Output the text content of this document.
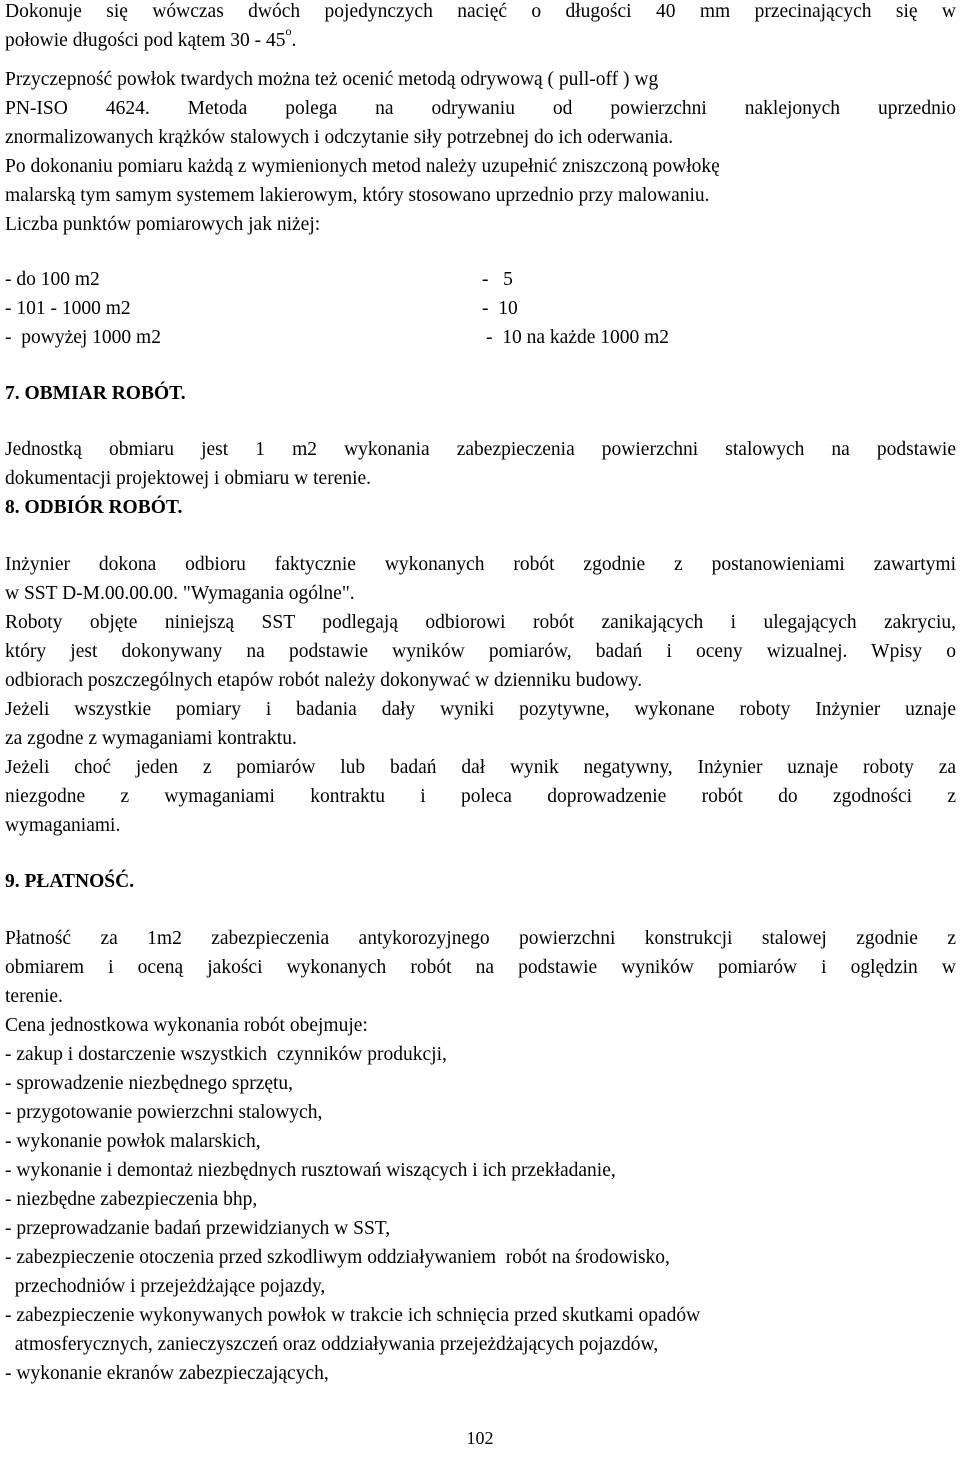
Dokonuje się wówczas dwóch pojedynczych nacięć o długości 40 mm przecinających się w
połowie długości pod kątem 30 - 45$^o$.
Przyczepność powłok twardych można też ocenić metodą odrywową ( pull-off ) wg
PN-ISO 4624. Metoda polega na odrywaniu od powierzchni naklejonych uprzednio
znormalizowanych krążków stalowych i odczytanie siły potrzebnej do ich oderwania.
Po dokonaniu pomiaru każdą z wymienionych metod należy uzupełnić zniszczoną powłokę
malarską tym samym systemem lakierowym, który stosowano uprzednio przy malowaniu.
Liczba punktów pomiarowych jak niżej:
- do 100 m2	-   5
- 101 - 1000 m2	-  10
-  powyżej 1000 m2	-  10 na każde 1000 m2
7. OBMIAR ROBÓT.
Jednostką obmiaru jest 1 m2 wykonania zabezpieczenia powierzchni stalowych na podstawie
dokumentacji projektowej i obmiaru w terenie.
8. ODBIÓR ROBÓT.
Inżynier dokona odbioru faktycznie wykonanych robót zgodnie z postanowieniami zawartymi
w SST D-M.00.00.00. "Wymagania ogólne".
Roboty objęte niniejszą SST podlegają odbiorowi robót zanikających i ulegających zakryciu,
który jest dokonywany na podstawie wyników pomiarów, badań i oceny wizualnej. Wpisy o
odbiorach poszczególnych etapów robót należy dokonywać w dzienniku budowy.
Jeżeli wszystkie pomiary i badania dały wyniki pozytywne, wykonane roboty Inżynier uznaje
za zgodne z wymaganiami kontraktu.
Jeżeli choć jeden z pomiarów lub badań dał wynik negatywny, Inżynier uznaje roboty za
niezgodne z wymaganiami kontraktu i poleca doprowadzenie robót do zgodności z
wymaganiami.
9. PŁATNOŚĆ.
Płatność za 1m2 zabezpieczenia antykorozyjnego powierzchni konstrukcji stalowej zgodnie z
obmiarem i oceną jakości wykonanych robót na podstawie wyników pomiarów i oględzin w
terenie.
Cena jednostkowa wykonania robót obejmuje:
- zakup i dostarczenie wszystkich  czynników produkcji,
- sprowadzenie niezbędnego sprzętu,
- przygotowanie powierzchni stalowych,
- wykonanie powłok malarskich,
- wykonanie i demontaż niezbędnych rusztowań wiszących i ich przekładanie,
- niezbędne zabezpieczenia bhp,
- przeprowadzanie badań przewidzianych w SST,
- zabezpieczenie otoczenia przed szkodliwym oddziaływaniem  robót na środowisko,
przechodniów i przejeżdżające pojazdy,
- zabezpieczenie wykonywanych powłok w trakcie ich schnięcia przed skutkami opadów
atmosferycznych, zanieczyszczeń oraz oddziaływania przejeżdżających pojazdów,
- wykonanie ekranów zabezpieczających,
102
